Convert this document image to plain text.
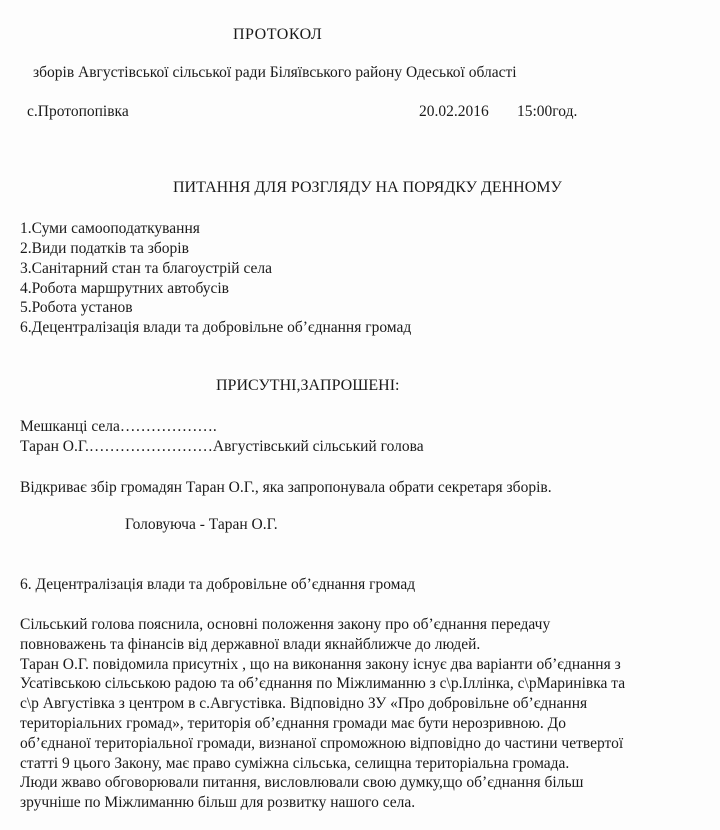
ПРОТОКОЛ
зборів Августівської сільської ради Біляївського району Одеської області
с.Протопопівка	20.02.2016 15:00год.
ПИТАННЯ ДЛЯ РОЗГЛЯДУ НА ПОРЯДКУ ДЕННОМУ
1.Суми самооподаткування
2.Види податків та зборів
3.Санітарний стан та благоустрій села
4.Робота маршрутних автобусів
5.Робота установ
6.Децентралізація влади та добровільне об’єднання громад
ПРИСУТНІ,ЗАПРОШЕНІ:
Мешканці села……………….
Таран О.Г.……………………Августівський сільський голова
Відкриває збір громадян Таран О.Г., яка запропонувала обрати секретаря зборів.
Головуюча - Таран О.Г.
6. Децентралізація влади та добровільне об’єднання громад
Сільський голова пояснила, основні положення закону про об’єднання передачу
повноважень та фінансів від державної влади якнайближче до людей.
Таран О.Г. повідомила присутніх , що на виконання закону існує два варіанти об’єднання з
Усатівською сільською радою та об’єднання по Міжлиманню з с\р.Іллінка, с\рМаринівка та
с\р Августівка з центром в с.Августівка. Відповідно ЗУ «Про добровільне об’єднання
територіальних громад», територія об’єднання громади має бути нерозривною. До
об’єднаної територіальної громади, визнаної спроможною відповідно до частини четвертої
статті 9 цього Закону, має право суміжна сільська, селищна територіальна громада.
Люди жваво обговорювали питання, висловлювали свою думку,що об’єднання більш
зручніше по Міжлиманню більш для розвитку нашого села.
